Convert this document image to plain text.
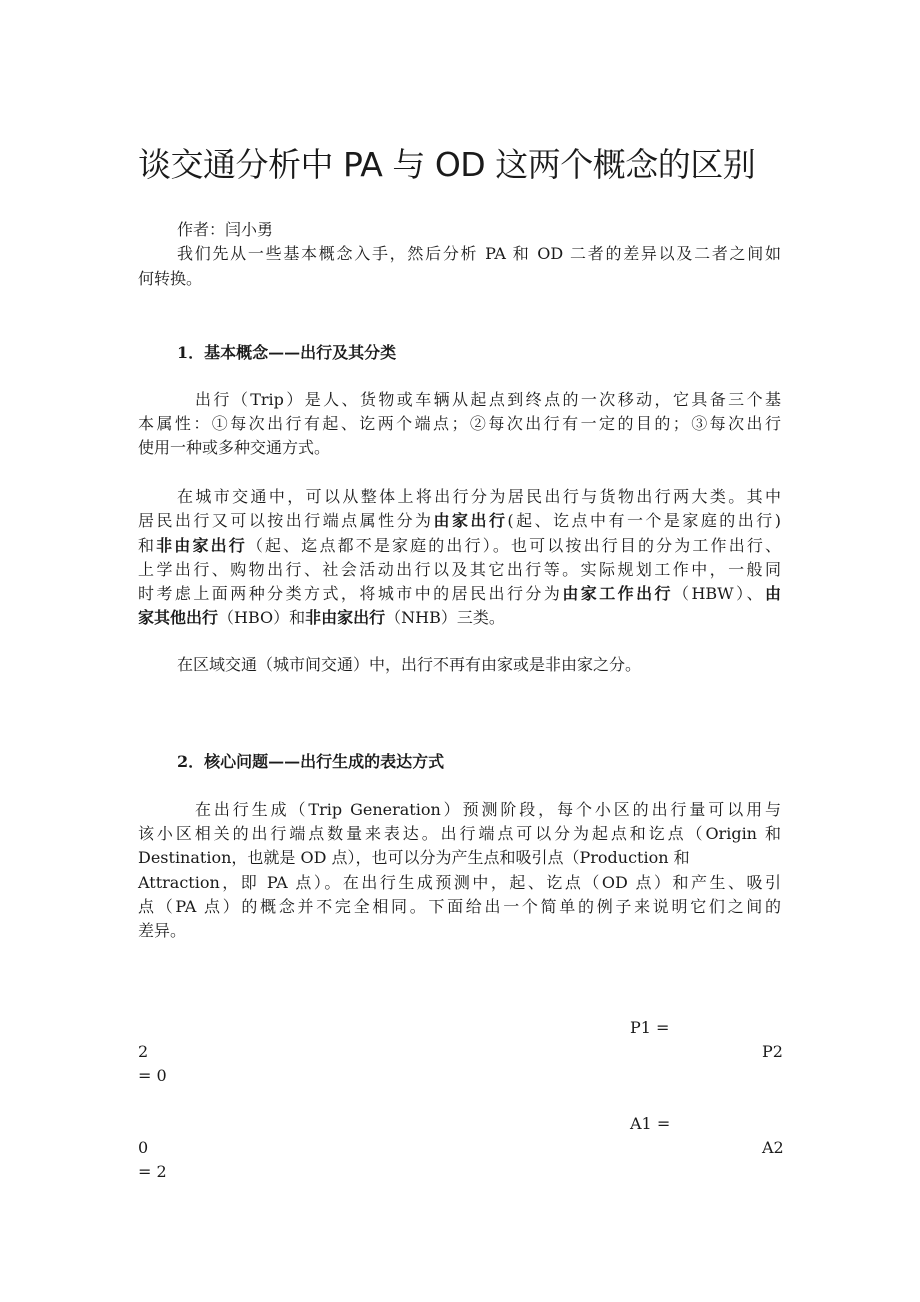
谈交通分析中 PA 与 OD 这两个概念的区别
作者：闫小勇
我们先从一些基本概念入手，然后分析 PA 和 OD 二者的差异以及二者之间如
何转换。
1．基本概念——出行及其分类
出行（Trip）是人、货物或车辆从起点到终点的一次移动，它具备三个基
本属性：①每次出行有起、讫两个端点；②每次出行有一定的目的；③每次出行
使用一种或多种交通方式。
在城市交通中，可以从整体上将出行分为居民出行与货物出行两大类。其中
居民出行又可以按出行端点属性分为由家出行(起、讫点中有一个是家庭的出行)
和非由家出行（起、迄点都不是家庭的出行）。也可以按出行目的分为工作出行、
上学出行、购物出行、社会活动出行以及其它出行等。实际规划工作中，一般同
时考虑上面两种分类方式，将城市中的居民出行分为由家工作出行（HBW）、由
家其他出行（HBO）和非由家出行（NHB）三类。
在区域交通（城市间交通）中，出行不再有由家或是非由家之分。
2．核心问题——出行生成的表达方式
在出行生成（Trip Generation）预测阶段，每个小区的出行量可以用与
该小区相关的出行端点数量来表达。出行端点可以分为起点和讫点（Origin 和
Destination，也就是 OD 点），也可以分为产生点和吸引点（Production 和
Attraction，即 PA 点）。在出行生成预测中，起、讫点（OD 点）和产生、吸引
点（PA 点）的概念并不完全相同。下面给出一个简单的例子来说明它们之间的
差异。
P1 =
2	P2
= 0
A1 =
0	A2
= 2
